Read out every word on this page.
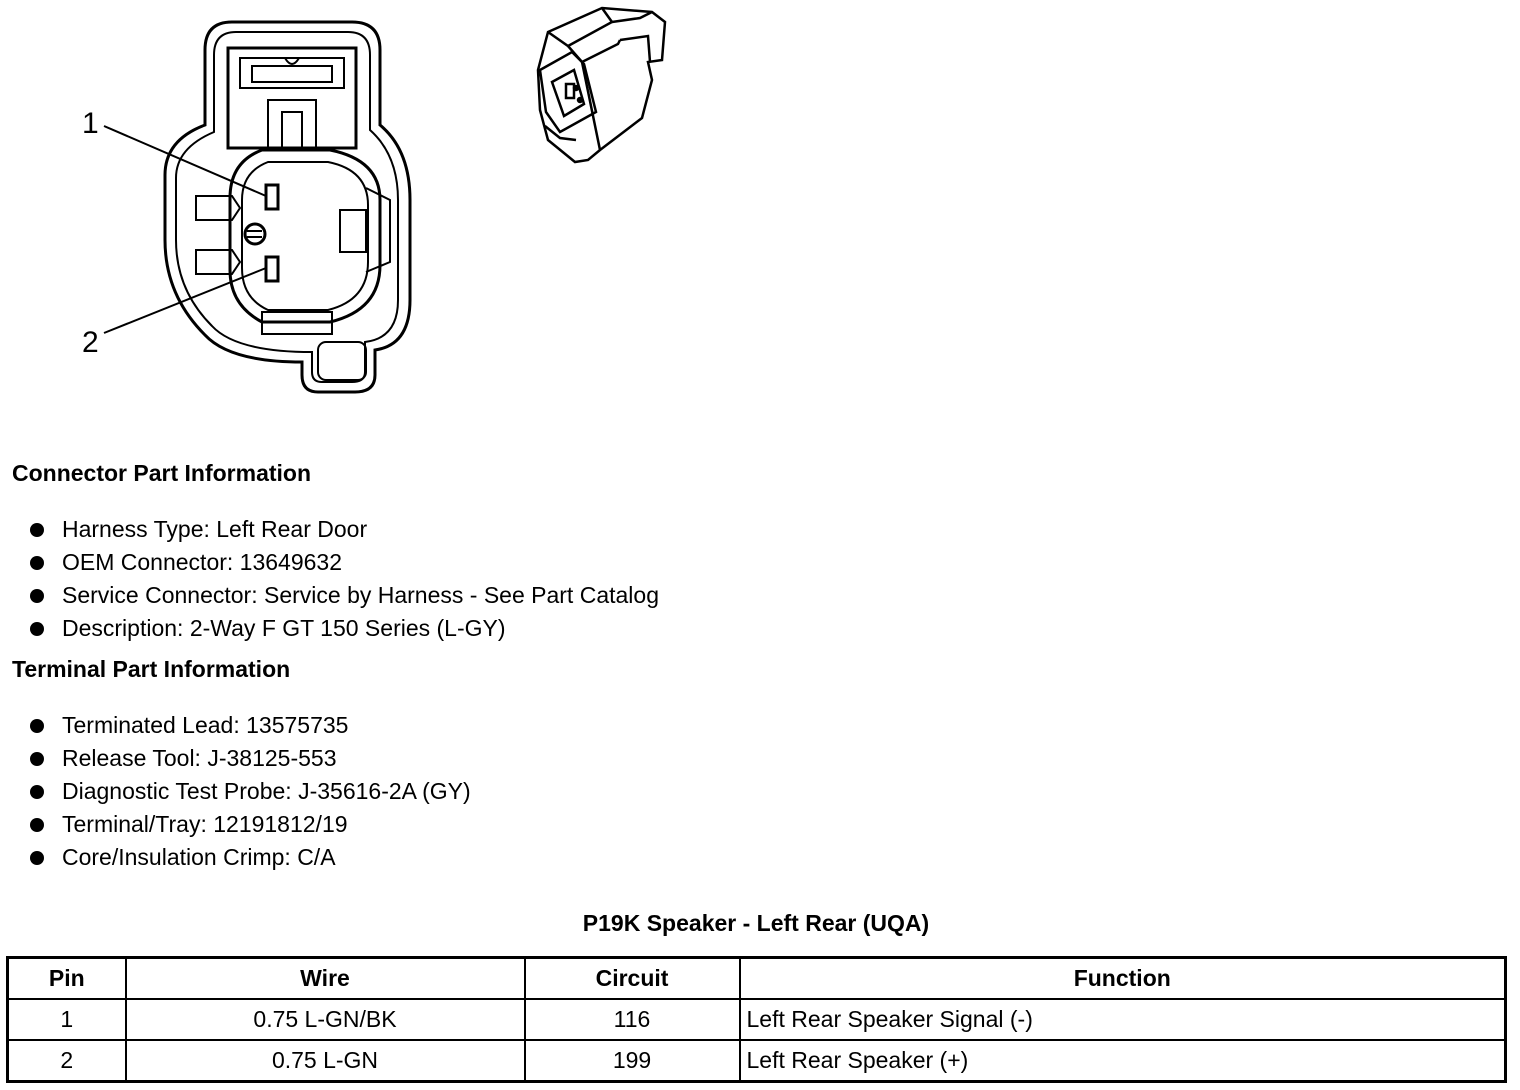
1
2
Connector Part Information
Harness Type: Left Rear Door
OEM Connector: 13649632
Service Connector: Service by Harness - See Part Catalog
Description: 2-Way F GT 150 Series (L-GY)
Terminal Part Information
Terminated Lead: 13575735
Release Tool: J-38125-553
Diagnostic Test Probe: J-35616-2A (GY)
Terminal/Tray: 12191812/19
Core/Insulation Crimp: C/A
P19K Speaker - Left Rear (UQA)
Pin	Wire	Circuit	Function
1	0.75 L-GN/BK	116	Left Rear Speaker Signal (-)
2	0.75 L-GN	199	Left Rear Speaker (+)
